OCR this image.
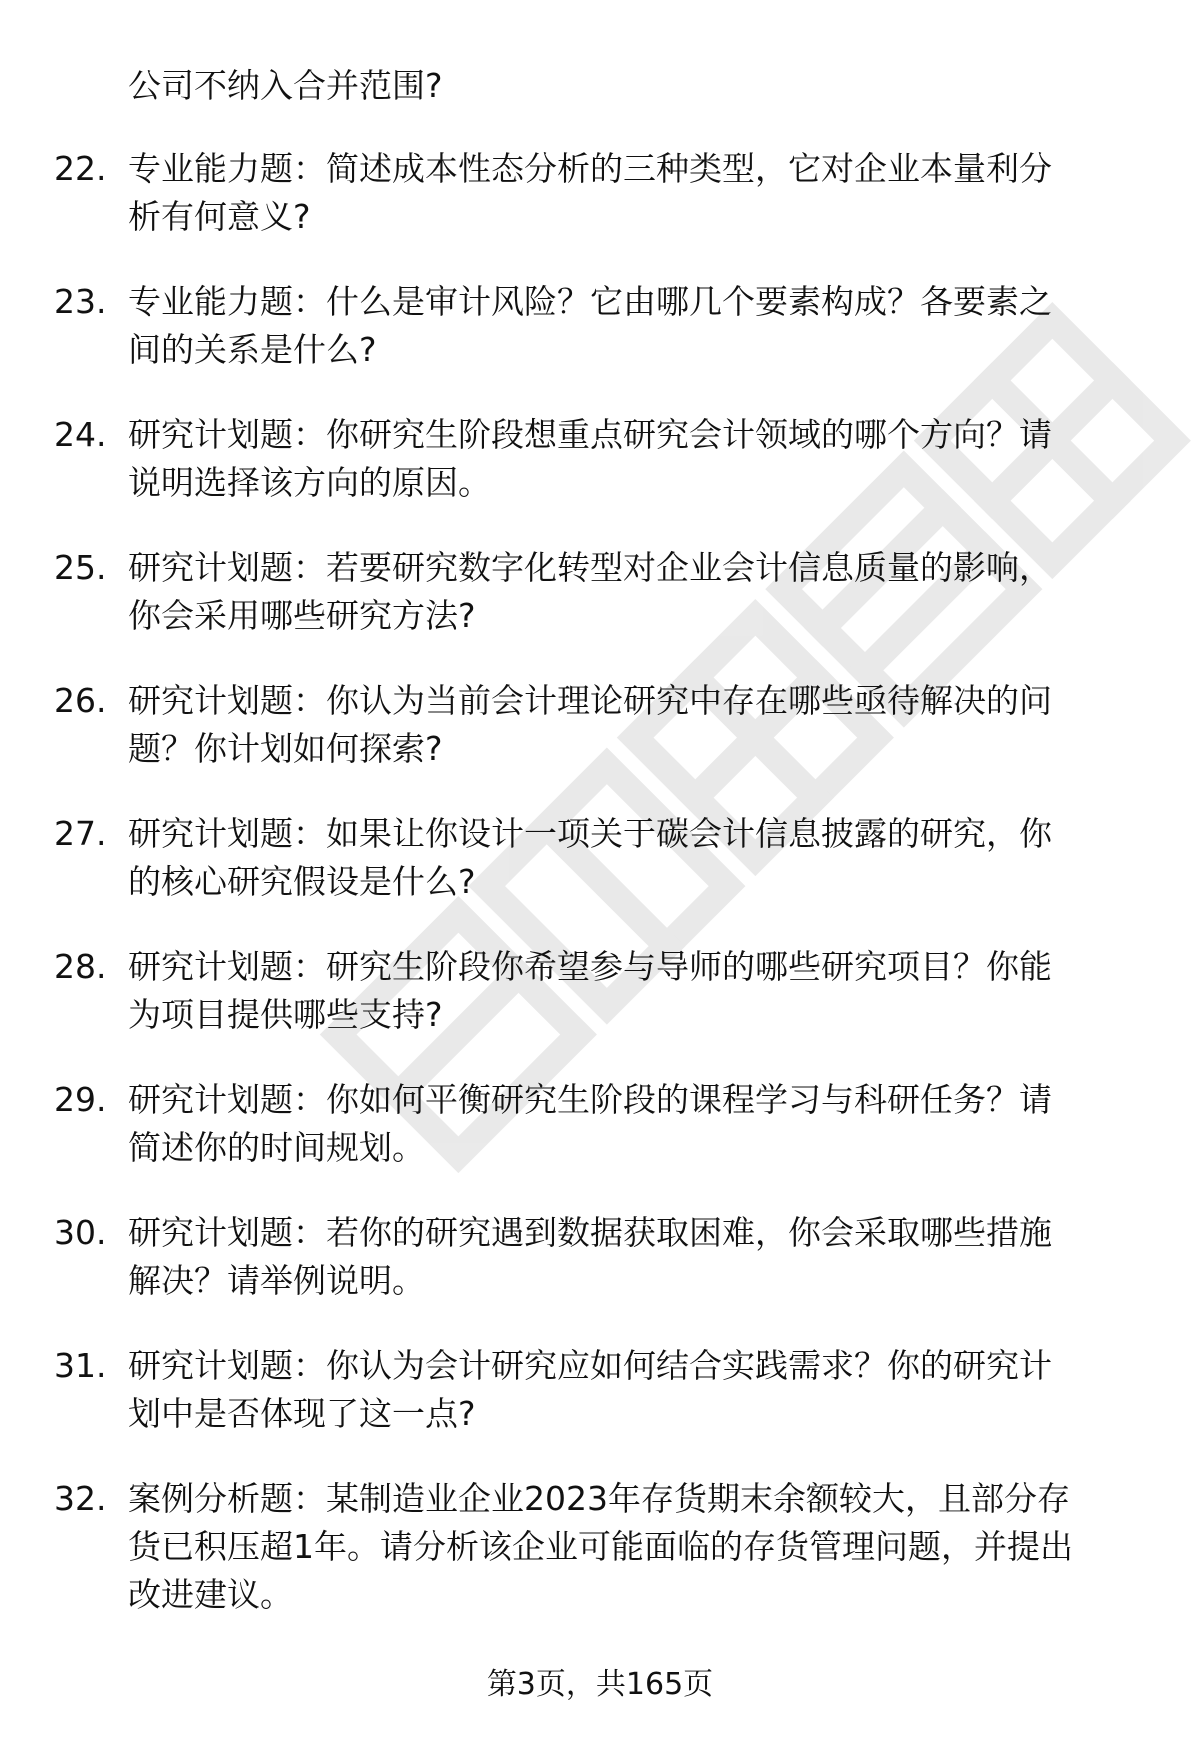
公司不纳入合并范围?
22. 专业能力题：简述成本性态分析的三种类型，它对企业本量利分
析有何意义?
23. 专业能力题：什么是审计风险？它由哪几个要素构成？各要素之
间的关系是什么?
24. 研究计划题：你研究生阶段想重点研究会计领域的哪个方向？请
说明选择该方向的原因。
25. 研究计划题：若要研究数字化转型对企业会计信息质量的影响，
你会采用哪些研究方法?
26. 研究计划题：你认为当前会计理论研究中存在哪些亟待解决的问
题？你计划如何探索?
27. 研究计划题：如果让你设计一项关于碳会计信息披露的研究，你
的核心研究假设是什么?
28. 研究计划题：研究生阶段你希望参与导师的哪些研究项目？你能
为项目提供哪些支持?
29. 研究计划题：你如何平衡研究生阶段的课程学习与科研任务？请
简述你的时间规划。
30. 研究计划题：若你的研究遇到数据获取困难，你会采取哪些措施
解决？请举例说明。
31. 研究计划题：你认为会计研究应如何结合实践需求？你的研究计
划中是否体现了这一点?
32. 案例分析题：某制造业企业2023年存货期末余额较大，且部分存
货已积压超1年。请分析该企业可能面临的存货管理问题，并提出
改进建议。
第3页，共165页
